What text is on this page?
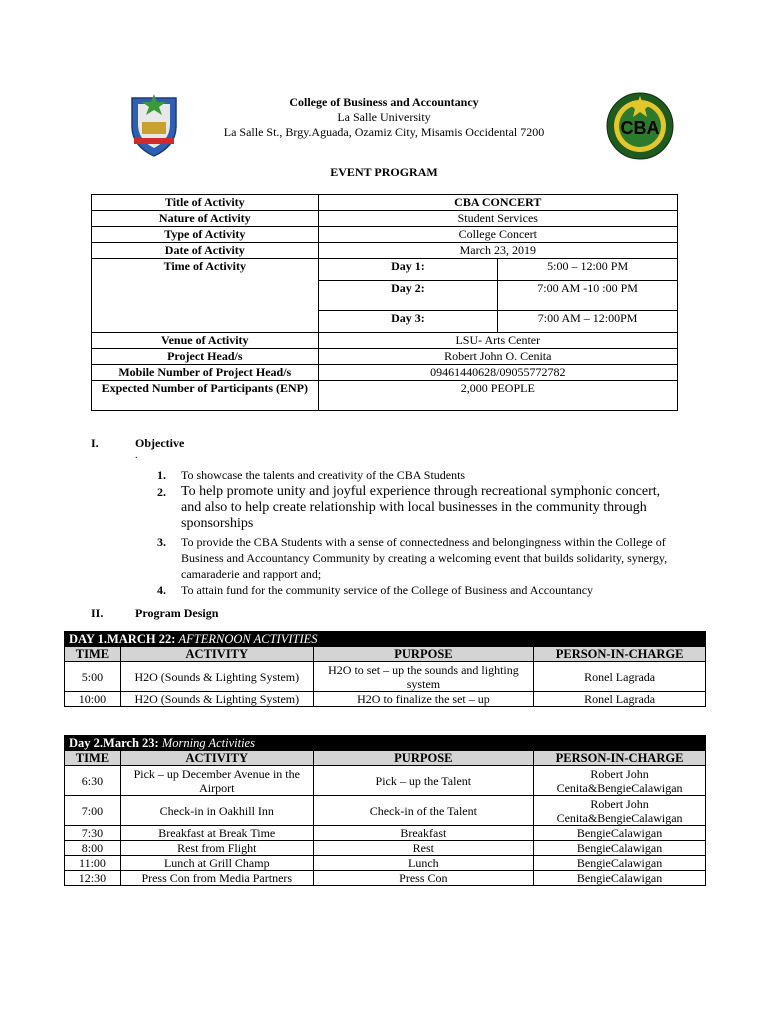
CBA
College of Business and Accountancy
La Salle University
La Salle St., Brgy.Aguada, Ozamiz City, Misamis Occidental 7200
EVENT PROGRAM
Title of Activity	CBA CONCERT	
Nature of Activity	Student Services	
Type of Activity	College Concert	
Date of Activity	March 23, 2019	
Time of Activity	Day 1:	5:00 – 12:00 PM
	Day 2:	7:00 AM -10 :00 PM
	Day 3:	7:00 AM – 12:00PM
Venue of Activity	LSU- Arts Center	
Project Head/s	Robert John O. Cenita	
Mobile Number of Project Head/s	09461440628/09055772782	
Expected Number of Participants (ENP)	2,000 PEOPLE	
I.	Objective
.
1. To showcase the talents and creativity of the CBA Students
2. To help promote unity and joyful experience through recreational symphonic concert, and also to help create relationship with local businesses in the community through sponsorships
3. To provide the CBA Students with a sense of connectedness and belongingness within the College of Business and Accountancy Community by creating a welcoming event that builds solidarity, synergy, camaraderie and rapport and;
4. To attain fund for the community service of the College of Business and Accountancy
II.	Program Design
DAY 1.MARCH 22: AFTERNOON ACTIVITIES			
TIME	ACTIVITY	PURPOSE	PERSON-IN-CHARGE
5:00	H2O (Sounds & Lighting System)	H2O to set – up the sounds and lighting system	Ronel Lagrada
10:00	H2O (Sounds & Lighting System)	H2O to finalize the set – up	Ronel Lagrada
Day 2.March 23: Morning Activities			
TIME	ACTIVITY	PURPOSE	PERSON-IN-CHARGE
6:30	Pick – up December Avenue in the Airport	Pick – up the Talent	Robert John Cenita&BengieCalawigan
7:00	Check-in in Oakhill Inn	Check-in of the Talent	Robert John Cenita&BengieCalawigan
7:30	Breakfast at Break Time	Breakfast	BengieCalawigan
8:00	Rest from Flight	Rest	BengieCalawigan
11:00	Lunch at Grill Champ	Lunch	BengieCalawigan
12:30	Press Con from Media Partners	Press Con	BengieCalawigan
